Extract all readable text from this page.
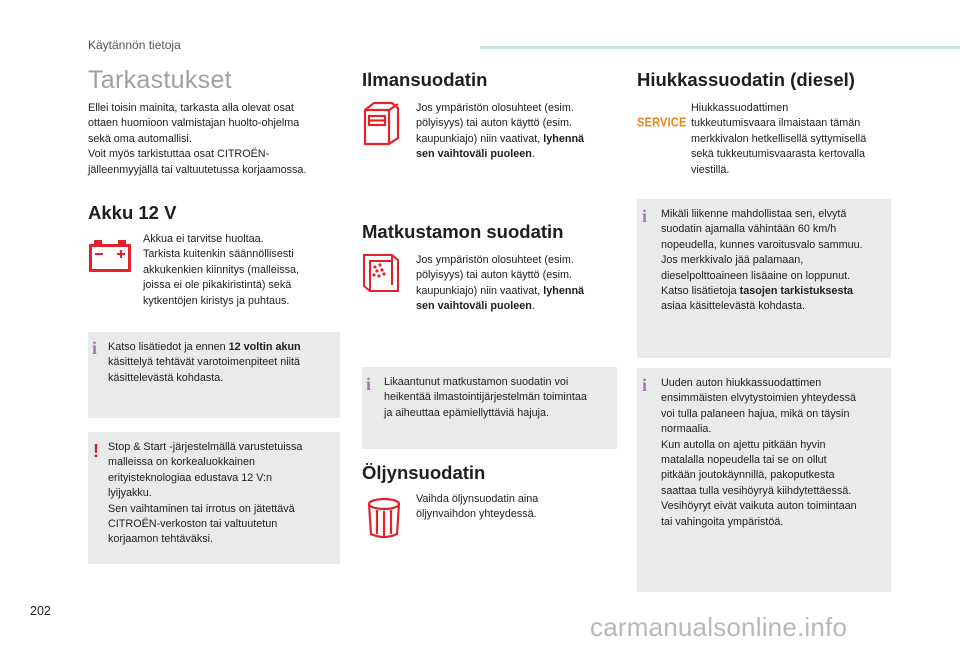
Käytännön tietoja
Tarkastukset
Ellei toisin mainita, tarkasta alla olevat osat
ottaen huomioon valmistajan huolto-ohjelma
sekä oma automallisi.
Voit myös tarkistuttaa osat CITROËN-
jälleenmyyjällä tai valtuutetussa korjaamossa.
Akku 12 V
Akkua ei tarvitse huoltaa.
Tarkista kuitenkin säännöllisesti
akkukenkien kiinnitys (malleissa,
joissa ei ole pikakiristintä) sekä
kytkentöjen kiristys ja puhtaus.
i Katso lisätiedot ja ennen 12 voltin akun
käsittelyä tehtävät varotoimenpiteet niitä
käsittelevästä kohdasta.
! Stop & Start -järjestelmällä varustetuissa
malleissa on korkealuokkainen
erityisteknologiaa edustava 12 V:n
lyijyakku.
Sen vaihtaminen tai irrotus on jätettävä
CITROËN-verkoston tai valtuutetun
korjaamon tehtäväksi.
Ilmansuodatin
Jos ympäristön olosuhteet (esim.
pölyisyys) tai auton käyttö (esim.
kaupunkiajo) niin vaativat, lyhennä
sen vaihtoväli puoleen.
Matkustamon suodatin
Jos ympäristön olosuhteet (esim.
pölyisyys) tai auton käyttö (esim.
kaupunkiajo) niin vaativat, lyhennä
sen vaihtoväli puoleen.
i Likaantunut matkustamon suodatin voi
heikentää ilmastointijärjestelmän toimintaa
ja aiheuttaa epämiellyttäviä hajuja.
Öljynsuodatin
Vaihda öljynsuodatin aina
öljynvaihdon yhteydessä.
Hiukkassuodatin (diesel)
SERVICE
Hiukkassuodattimen
tukkeutumisvaara ilmaistaan tämän
merkkivalon hetkellisellä syttymisellä
sekä tukkeutumisvaarasta kertovalla
viestillä.
i Mikäli liikenne mahdollistaa sen, elvytä
suodatin ajamalla vähintään 60 km/h
nopeudella, kunnes varoitusvalo sammuu.
Jos merkkivalo jää palamaan,
dieselpolttoaineen lisäaine on loppunut.
Katso lisätietoja tasojen tarkistuksesta
asiaa käsittelevästä kohdasta.
i Uuden auton hiukkassuodattimen
ensimmäisten elvytystoimien yhteydessä
voi tulla palaneen hajua, mikä on täysin
normaalia.
Kun autolla on ajettu pitkään hyvin
matalalla nopeudella tai se on ollut
pitkään joutokäynnillä, pakoputkesta
saattaa tulla vesihöyryä kiihdytettäessä.
Vesihöyryt eivät vaikuta auton toimintaan
tai vahingoita ympäristöä.
202
carmanualsonline.info
